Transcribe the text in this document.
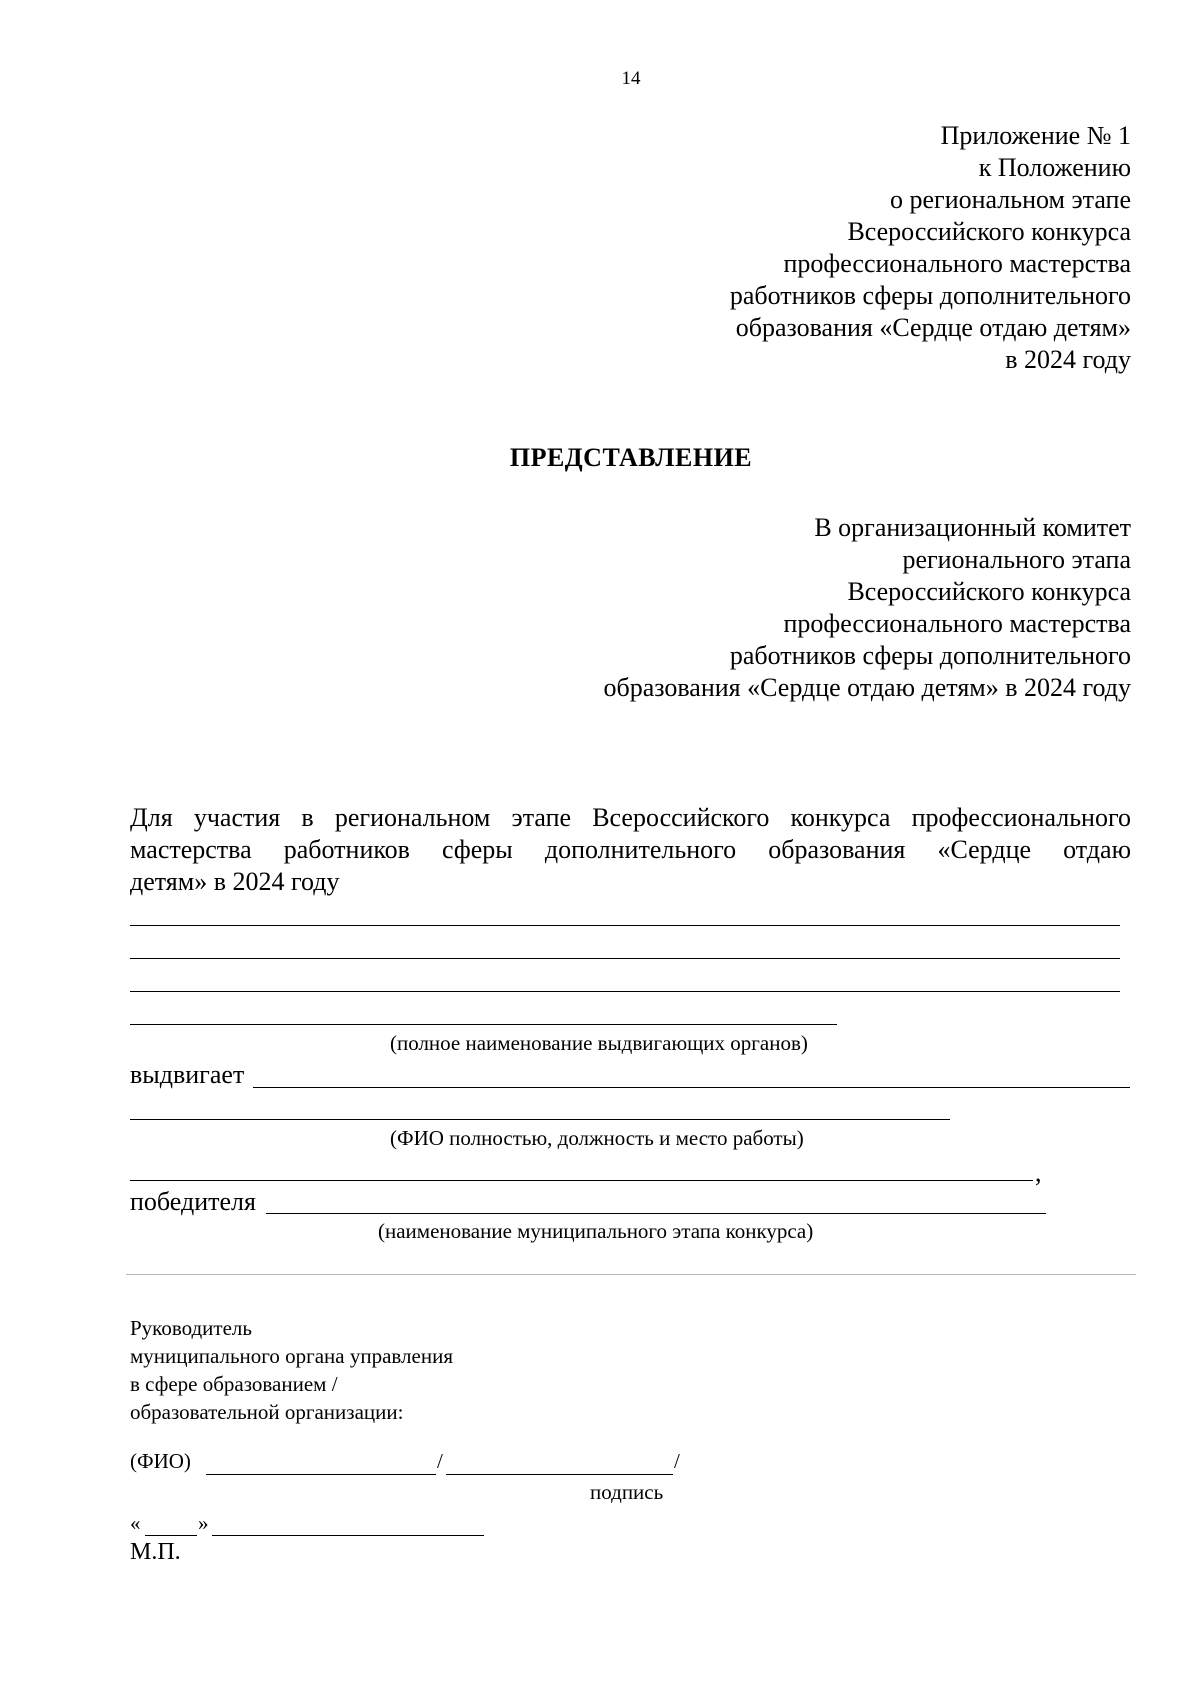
14
Приложение № 1
к Положению
о региональном этапе
Всероссийского конкурса
профессионального мастерства
работников сферы дополнительного
образования «Сердце отдаю детям»
в 2024 году
ПРЕДСТАВЛЕНИЕ
В организационный комитет
регионального этапа
Всероссийского конкурса
профессионального мастерства
работников сферы дополнительного
образования «Сердце отдаю детям» в 2024 году
Для участия в региональном этапе Всероссийского конкурса профессионального
мастерства работников сферы дополнительного образования «Сердце отдаю
детям» в 2024 году
(полное наименование выдвигающих органов)
выдвигает
(ФИО полностью, должность и место работы)
,
победителя
(наименование муниципального этапа конкурса)
Руководитель
муниципального органа управления
в сфере образованием /
образовательной организации:
(ФИО)	/	/
подпись
«	»
М.П.
